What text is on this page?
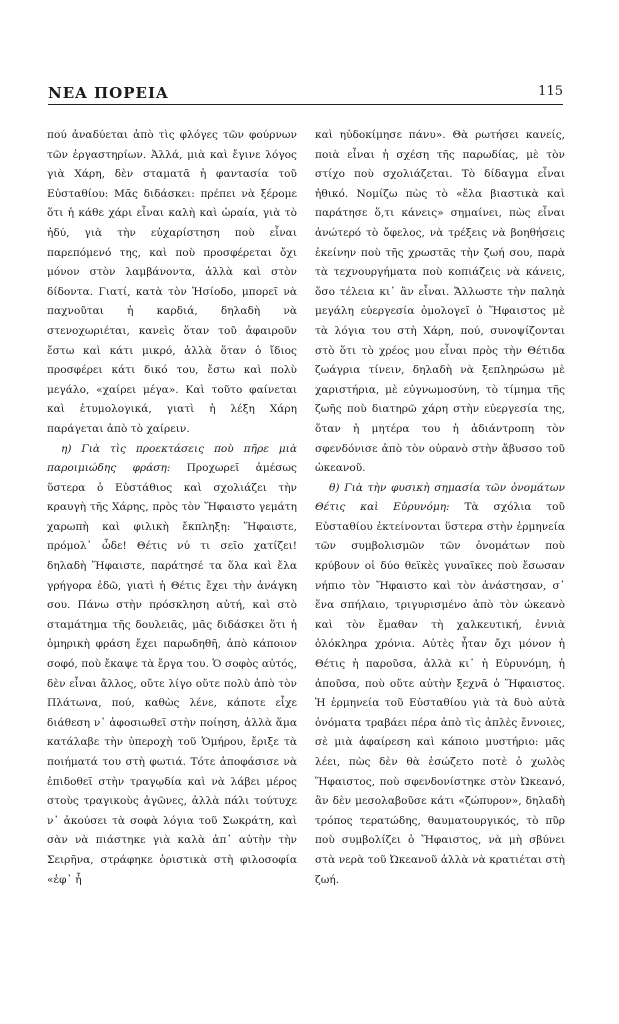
ΝΕΑ ΠΟΡΕΙΑ	115

πού ἀναδύεται ἀπὸ τὶς φλόγες τῶν φούρνων τῶν ἐργαστηρίων. Ἀλλά, μιὰ καὶ ἔγινε λόγος γιὰ Χάρη, δὲν σταματᾶ ἡ φαντασία τοῦ Εὐσταθίου: Μᾶς διδάσκει: πρέπει νὰ ξέρομε ὅτι ἡ κάθε χάρι εἶναι καλὴ καὶ ὡραία, γιὰ τὸ ἠδύ, γιὰ τὴν εὐχαρίστηση ποὺ εἶναι παρεπόμενό της, καὶ ποὺ προσφέρεται ὄχι μόνον στὸν λαμβάνοντα, ἀλλὰ καὶ στὸν δίδοντα. Γιατί, κατὰ τὸν Ἡσίοδο, μπορεῖ νὰ παχνοῦται ἡ καρδιά, δηλαδὴ νὰ στενοχωριέται, κανεὶς ὅταν τοῦ ἀφαιροῦν ἔστω καὶ κάτι μικρό, ἀλλὰ ὅταν ὁ ἴδιος προσφέρει κάτι δικό του, ἔστω καὶ πολὺ μεγάλο, «χαίρει μέγα». Καὶ τοῦτο φαίνεται καὶ ἐτυμολογικά, γιατὶ ἡ λέξη Χάρη παράγεται ἀπὸ τὸ χαίρειν.

η) Γιὰ τὶς προεκτάσεις ποὺ πῆρε μιὰ παροιμιώδης φράση: Προχωρεῖ ἀμέσως ὕστερα ὁ Εὐστάθιος καὶ σχολιάζει τὴν κραυγὴ τῆς Χάρης, πρὸς τὸν Ἥφαιστο γεμάτη χαρωπὴ καὶ φιλικὴ ἔκπληξη: Ἥφαιστε, πρόμολ᾽ ὧδε! Θέτις νύ τι σεῖο χατίζει! δηλαδὴ Ἥφαιστε, παράτησέ τα ὅλα καὶ ἔλα γρήγορα ἐδῶ, γιατὶ ἡ Θέτις ἔχει τὴν ἀνάγκη σου. Πάνω στὴν πρόσκληση αὐτή, καὶ στὸ σταμάτημα τῆς δουλειᾶς, μᾶς διδάσκει ὅτι ἡ ὁμηρικὴ φράση ἔχει παρωδηθῆ, ἀπὸ κάποιον σοφό, ποὺ ἔκαψε τὰ ἔργα του. Ὁ σοφὸς αὐτός, δὲν εἶναι ἄλλος, οὔτε λίγο οὔτε πολὺ ἀπὸ τὸν Πλάτωνα, πού, καθὼς λένε, κάποτε εἶχε διάθεση ν᾽ ἀφοσιωθεῖ στὴν ποίηση, ἀλλὰ ἅμα κατάλαβε τὴν ὑπεροχὴ τοῦ Ὁμήρου, ἔριξε τὰ ποιήματά του στὴ φωτιά. Τότε ἀποφάσισε νὰ ἐπιδοθεῖ στὴν τραγῳδία καὶ νὰ λάβει μέρος στοὺς τραγικοὺς ἀγῶνες, ἀλλὰ πάλι τούτυχε ν᾽ ἀκούσει τὰ σοφὰ λόγια τοῦ Σωκράτη, καὶ σὰν νὰ πιάστηκε γιὰ καλὰ ἀπ᾽ αὐτὴν τὴν Σειρῆνα, στράφηκε ὁριστικὰ στὴ φιλοσοφία «ἐφ᾽ ἧ

καὶ ηὐδοκίμησε πάνυ». Θὰ ρωτήσει κανείς, ποιὰ εἶναι ἡ σχέση τῆς παρωδίας, μὲ τὸν στίχο ποὺ σχολιάζεται. Τὸ δίδαγμα εἶναι ἠθικό. Νομίζω πὼς τὸ «ἔλα βιαστικὰ καὶ παράτησε ὅ,τι κάνεις» σημαίνει, πὼς εἶναι ἀνώτερό τὸ ὄφελος, νὰ τρέξεις νὰ βοηθήσεις ἐκείνην ποὺ τῆς χρωστᾶς τὴν ζωή σου, παρὰ τὰ τεχνουργήματα ποὺ κοπιάζεις νὰ κάνεις, ὅσο τέλεια κι᾽ ἂν εἶναι. Ἄλλωστε τὴν παληὰ μεγάλη εὐεργεσία ὁμολογεῖ ὁ Ἥφαιστος μὲ τὰ λόγια του στὴ Χάρη, πού, συνοψίζονται στὸ ὅτι τὸ χρέος μου εἶναι πρὸς τὴν Θέτιδα ζωάγρια τίνειν, δηλαδὴ νὰ ξεπληρώσω μὲ χαριστήρια, μὲ εὐγνωμοσύνη, τὸ τίμημα τῆς ζωῆς ποὺ διατηρῶ χάρη στὴν εὐεργεσία της, ὅταν ἡ μητέρα του ἡ ἀδιάντροπη τὸν σφενδόνισε ἀπὸ τὸν οὐρανὸ στὴν ἄβυσσο τοῦ ὠκεανοῦ.

θ) Γιὰ τὴν φυσικὴ σημασία τῶν ὀνομάτων Θέτις καὶ Εὐρυνόμη: Τὰ σχόλια τοῦ Εὐσταθίου ἐκτείνονται ὕστερα στὴν ἑρμηνεία τῶν συμβολισμῶν τῶν ὀνομάτων ποὺ κρύβουν οἱ δύο θεϊκὲς γυναῖκες ποὺ ἔσωσαν νήπιο τὸν Ἥφαιστο καὶ τὸν ἀνάστησαν, σ᾽ ἕνα σπήλαιο, τριγυρισμένο ἀπὸ τὸν ὠκεανὸ καὶ τὸν ἔμαθαν τὴ χαλκευτική, ἐννιὰ ὁλόκληρα χρόνια. Αὐτὲς ἦταν ὄχι μόνον ἡ Θέτις ἡ παροῦσα, ἀλλὰ κι᾽ ἡ Εὐρυνόμη, ἡ ἀποῦσα, ποὺ οὔτε αὐτὴν ξεχνᾶ ὁ Ἥφαιστος. Ἡ ἑρμηνεία τοῦ Εὐσταθίου γιὰ τὰ δυὸ αὐτὰ ὀνόματα τραβάει πέρα ἀπὸ τὶς ἁπλὲς ἔννοιες, σὲ μιὰ ἀφαίρεση καὶ κάποιο μυστήριο: μᾶς λέει, πὼς δὲν θὰ ἐσώζετο ποτὲ ὁ χωλὸς Ἥφαιστος, ποὺ σφενδονίστηκε στὸν Ὠκεανό, ἂν δὲν μεσολαβοῦσε κάτι «ζώπυρον», δηλαδὴ τρόπος τερατώδης, θαυματουργικός, τὸ πῦρ ποὺ συμβολίζει ὁ Ἥφαιστος, νὰ μὴ σβύνει στὰ νερὰ τοῦ Ὠκεανοῦ ἀλλὰ νὰ κρατιέται στὴ ζωή.
